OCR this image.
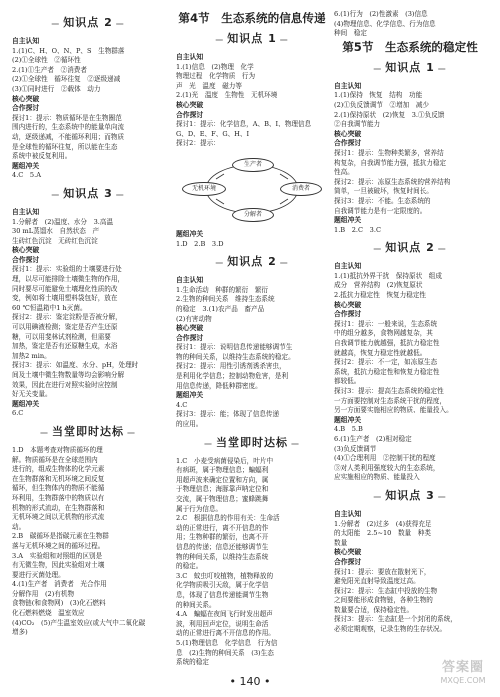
— 知识点 2 —
自主认知
1.(1)C、H、O、N、P、S　生物群落
(2)①全球性　②循环性
2.(1)①生产者　②消费者
(2)①全球性　循环往复　②逐级递减
(3)①同时进行　②载体　动力
核心突破
合作探讨
探讨1：提示：物质循环是在生物圈范
围内进行的，生态系统中的能量单向流
动，逐级递减，不能循环利用；而物质
是全球性的循环往复，所以能在生态
系统中被反复利用。
题组冲关
4.C　5.A
— 知识点 3 —
自主认知
1.分解者　(2)温度、水分　3.高温
30 mL蒸馏水　自然状态　产
生砖红色沉淀　无砖红色沉淀
核心突破
合作探讨
探讨1：提示：实验组的土壤要进行处
理，以尽可能排除土壤微生物的作用，
同时要尽可能避免土壤理化性质的改
变，例如将土壤用塑料袋包好，放在
60 ℃恒温箱中1 h灭菌。
探讨2：提示：鉴定淀粉是否被分解，
可以用碘液检测；鉴定是否产生还原
糖，可以用斐林试剂检测，但需要
加热，鉴定是否有还原糖生成，水浴
加热2 min。
探讨3：提示：如温度、水分、pH，处理时
间及土壤中微生物数量等均会影响分解
效果，因此在进行对照实验时应控制
好无关变量。
题组冲关
6.C
— 当堂即时达标 —
1.D　本题考查对物质循环的理
解。物质循环是在全球范围内
进行的，组成生物体的化学元素
在生物群落和无机环境之间反复
循环，但生物体内的物质不能循
环利用，生物群落中的物质以有
机物的形式流动，在生物群落和
无机环境之间以无机物的形式流
动。
2.B　碳循环是指碳元素在生物群
落与无机环境之间的循环过程。
3.A　实验组和对照组的区别是
有无微生物，因此实验组对土壤
要进行灭菌处理。
4.(1)生产者　消费者　光合作用
分解作用　(2)有机物
食物链(和食物网)　(3)化石燃料
化石燃料燃烧　温室效应
(4)CO₂　(5)产生温室效应(或大气中二氧化碳
增多)
第4节　生态系统的信息传递
— 知识点 1 —
自主认知
1.(1)信息　(2)物理　化学
物理过程　化学物质　行为
声　光　温度　磁力等
2.(1)光　温度　生物性　无机环境
核心突破
合作探讨
探讨1：提示：化学信息，A、B、I、物理信息
G、D、E、F、G、H、I
探讨2：提示：
生产者
无机环境
分解者
消费者
题组冲关
1.D　2.B　3.D
— 知识点 2 —
自主认知
1.生命活动　种群的繁衍　繁衍
2.生物的种间关系　维持生态系统
的稳定　3.(1)农产品　畜产品
(2)有害动物
核心突破
合作探讨
探讨1：提示：说明信息传递能够调节生
物的种间关系，以维持生态系统的稳定。
探讨2：提示：用性引诱剂诱杀害虫，
是利用化学信息；控制动物危害，是利
用信息传递，降低种群密度。
题组冲关
4.C
探讨3：提示：能；体现了信息传递
的应用。
— 当堂即时达标 —
1.C　小麦受病菌侵染后，叶片中
有病斑，属于物理信息；蝙蝠利
用超声波来确定位置和方向，属
于物理信息；海豚靠声呐定位和
交流，属于物理信息；蜜蜂跳舞
属于行为信息。
2.C　根据信息的作用有关：生命活
动的正常进行，离不开信息的作
用；生物种群的繁衍，也离不开
信息的传递；信息还能够调节生
物的种间关系，以维持生态系统
的稳定。
3.C　蚊虫叮咬植物，植物释放的
化学物质吸引天敌，属于化学信
息，体现了信息传递能调节生物
的种间关系。
4.A　蝙蝠在夜间飞行时发出超声
波，利用回声定位，说明生命活
动的正常进行离不开信息的作用。
5.(1)物理信息　化学信息　行为信
息　(2)生物的种间关系　(3)生态
系统的稳定
6.(1)行为　(2)性激素　(3)信息
(4)物理信息、化学信息、行为信息
种间　稳定
第5节　生态系统的稳定性
— 知识点 1 —
自主认知
1.(1)保持　恢复　结构　功能
(2)①负反馈调节　②增加　减少
2.(1)保持原状　(2)恢复　3.①负反馈
②自我调节能力
核心突破
合作探讨
探讨1：提示：生物种类繁多，营养结
构复杂，自我调节能力强，抵抗力稳定
性高。
探讨2：提示：冻原生态系统的营养结构
简单，一旦被破坏，恢复时间长。
探讨3：提示：不能。生态系统的
自我调节能力是有一定限度的。
题组冲关
1.B　2.C　3.C
— 知识点 2 —
自主认知
1.(1)抵抗外界干扰　保持原状　组成
成分　营养结构　(2)恢复原状
2.抵抗力稳定性　恢复力稳定性
核心突破
合作探讨
探讨1：提示：一般来说，生态系统
中的组分越多，食物网越复杂，其
自我调节能力就越强，抵抗力稳定性
就越高，恢复力稳定性就越低。
探讨2：提示：不一定，如冻原生态
系统，抵抗力稳定性和恢复力稳定性
都较低。
探讨3：提示：提高生态系统的稳定性
一方面要控制对生态系统干扰的程度，
另一方面要实施相应的物质、能量投入。
题组冲关
4.B　5.B
6.(1)生产者　(2)相对稳定
(3)负反馈调节
(4)①合理利用　②控制干扰的程度
③对人类利用强度较大的生态系统，
应实施相应的物质、能量投入
— 知识点 3 —
自主认知
1.分解者　(2)过多　(4)获得充足
的太阳能　2.5~10　数量　种类
数量
核心突破
合作探讨
探讨1：提示：要放在散射光下，
避免阳光直射导致温度过高。
探讨2：提示：生态缸中投放的生物
之间要能形成食物链，各种生物的
数量要合适，保持稳定性。
探讨3：提示：生态缸是一个封闭的系统，
必须定期观察，记录生物的生存状况。
• 140 •
答案圈
MXQE.COM
